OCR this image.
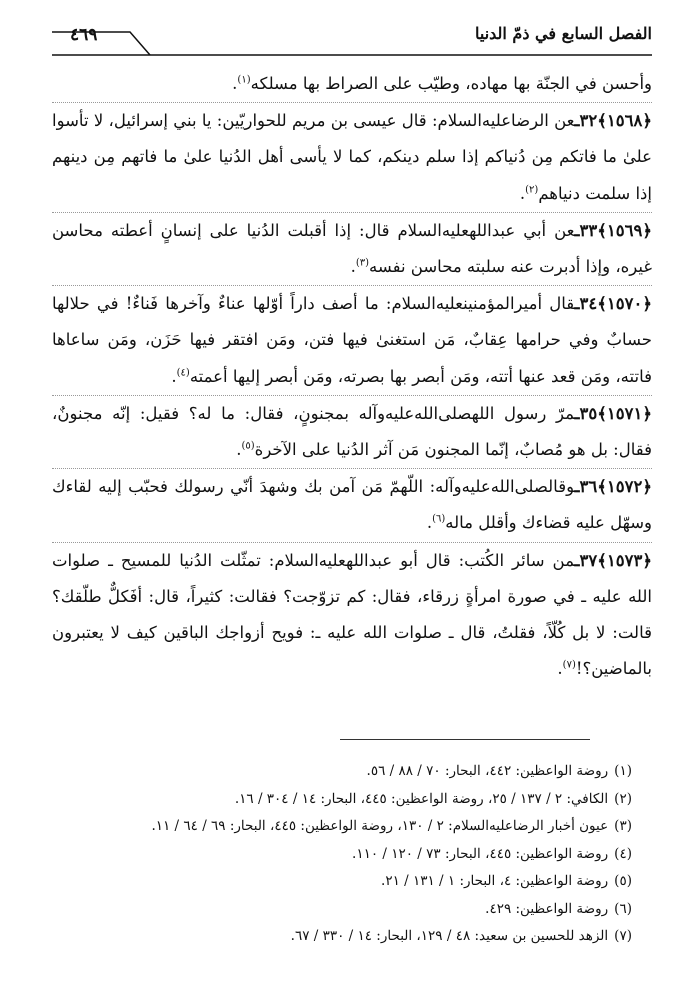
الفصل السابع في ذمّ الدنيا
٤٦٩

وأحسن في الجنّة بها مهاده، وطيّب على الصراط بها مسلكه$^{(١)}$.

﴿١٥٦٨﴾٣٢ـعن الرضاعليه‌السلام: قال عيسى بن مريم للحواريّين: يا بني إسرائيل، لا تأسوا علىٰ ما فاتكم مِن دُنياكم إذا سلم دينكم، كما لا يأسى أهل الدُنيا علىٰ ما فاتهم مِن دينهم إذا سلمت دنياهم$^{(٢)}$.

﴿١٥٦٩﴾٣٣ـعن أبي عبداللهعليه‌السلام قال: إذا أقبلت الدُنيا على إنسانٍ أعطته محاسن غيره، وإذا أدبرت عنه سلبته محاسن نفسه$^{(٣)}$.

﴿١٥٧٠﴾٣٤ـقال أميرالمؤمنينعليه‌السلام: ما أصف داراً أوّلها عناءٌ وآخرها فَناءٌ! في حلالها حسابٌ وفي حرامها عِقابٌ، مَن استغنىٰ فيها فتن، ومَن افتقر فيها حَزَن، ومَن ساعاها فاتته، ومَن قعد عنها أتته، ومَن أبصر بها بصرته، ومَن أبصر إليها أعمته$^{(٤)}$.

﴿١٥٧١﴾٣٥ـمرّ رسول اللهصلى‌الله‌عليه‌وآله بمجنونٍ، فقال: ما له؟ فقيل: إنّه مجنونٌ، فقال: بل هو مُصابٌ، إنّما المجنون مَن آثر الدُنيا على الآخرة$^{(٥)}$.

﴿١٥٧٢﴾٣٦ـوقالصلى‌الله‌عليه‌وآله: اللّهمّ مَن آمن بك وشهدَ أنّي رسولك فحبّب إليه لقاءك وسهّل عليه قضاءك وأقلل ماله$^{(٦)}$.

﴿١٥٧٣﴾٣٧ـمن سائر الكُتب: قال أبو عبداللهعليه‌السلام: تمثّلت الدُنيا للمسيح ـ صلوات الله عليه ـ في صورة امرأةٍ زرقاء، فقال: كم تزوّجت؟ فقالت: كثيراً، قال: أفَكلٌّ طلّقك؟ قالت: لا بل كُلّاً، فقلتُ، قال ـ صلوات الله عليه ـ: فويح أزواجك الباقين كيف لا يعتبرون بالماضين؟!$^{(٧)}$.

(١)روضة الواعظين: ٤٤٢، البحار: ٧٠ / ٨٨ / ٥٦.
(٢)الكافي: ٢ / ١٣٧ / ٢٥، روضة الواعظين: ٤٤٥، البحار: ١٤ / ٣٠٤ / ١٦.
(٣)عيون أخبار الرضاعليه‌السلام: ٢ / ١٣٠، روضة الواعظين: ٤٤٥، البحار: ٦٩ / ٦٤ / ١١.
(٤)روضة الواعظين: ٤٤٥، البحار: ٧٣ / ١٢٠ / ١١٠.
(٥)روضة الواعظين: ٤، البحار: ١ / ١٣١ / ٢١.
(٦)روضة الواعظين: ٤٢٩.
(٧)الزهد للحسين بن سعيد: ٤٨ / ١٢٩، البحار: ١٤ / ٣٣٠ / ٦٧.
